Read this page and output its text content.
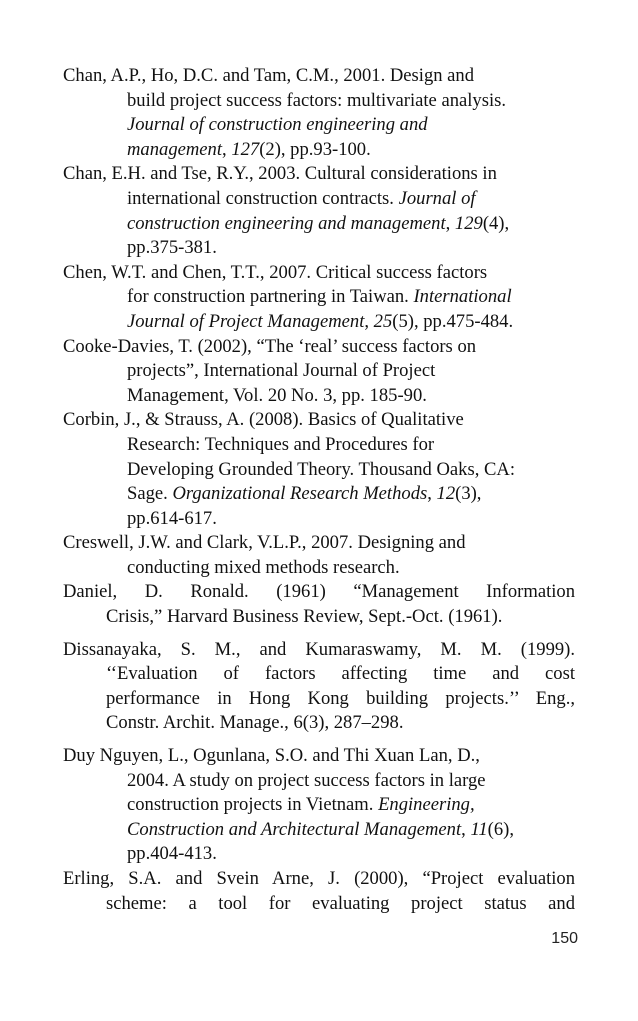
Chan, A.P., Ho, D.C. and Tam, C.M., 2001. Design and
build project success factors: multivariate analysis.
Journal of construction engineering and
management, 127(2), pp.93-100.
Chan, E.H. and Tse, R.Y., 2003. Cultural considerations in
international construction contracts. Journal of
construction engineering and management, 129(4),
pp.375-381.
Chen, W.T. and Chen, T.T., 2007. Critical success factors
for construction partnering in Taiwan. International
Journal of Project Management, 25(5), pp.475-484.
Cooke-Davies, T. (2002), “The ‘real’ success factors on
projects”, International Journal of Project
Management, Vol. 20 No. 3, pp. 185-90.
Corbin, J., & Strauss, A. (2008). Basics of Qualitative
Research: Techniques and Procedures for
Developing Grounded Theory. Thousand Oaks, CA:
Sage. Organizational Research Methods, 12(3),
pp.614-617.
Creswell, J.W. and Clark, V.L.P., 2007. Designing and
conducting mixed methods research.
Daniel, D. Ronald. (1961) “Management Information
Crisis,” Harvard Business Review, Sept.-Oct. (1961).
Dissanayaka, S. M., and Kumaraswamy, M. M. (1999).
‘‘Evaluation of factors affecting time and cost
performance in Hong Kong building projects.’’ Eng.,
Constr. Archit. Manage., 6(3), 287–298.
Duy Nguyen, L., Ogunlana, S.O. and Thi Xuan Lan, D.,
2004. A study on project success factors in large
construction projects in Vietnam. Engineering,
Construction and Architectural Management, 11(6),
pp.404-413.
Erling, S.A. and Svein Arne, J. (2000), “Project evaluation
scheme: a tool for evaluating project status and
150
